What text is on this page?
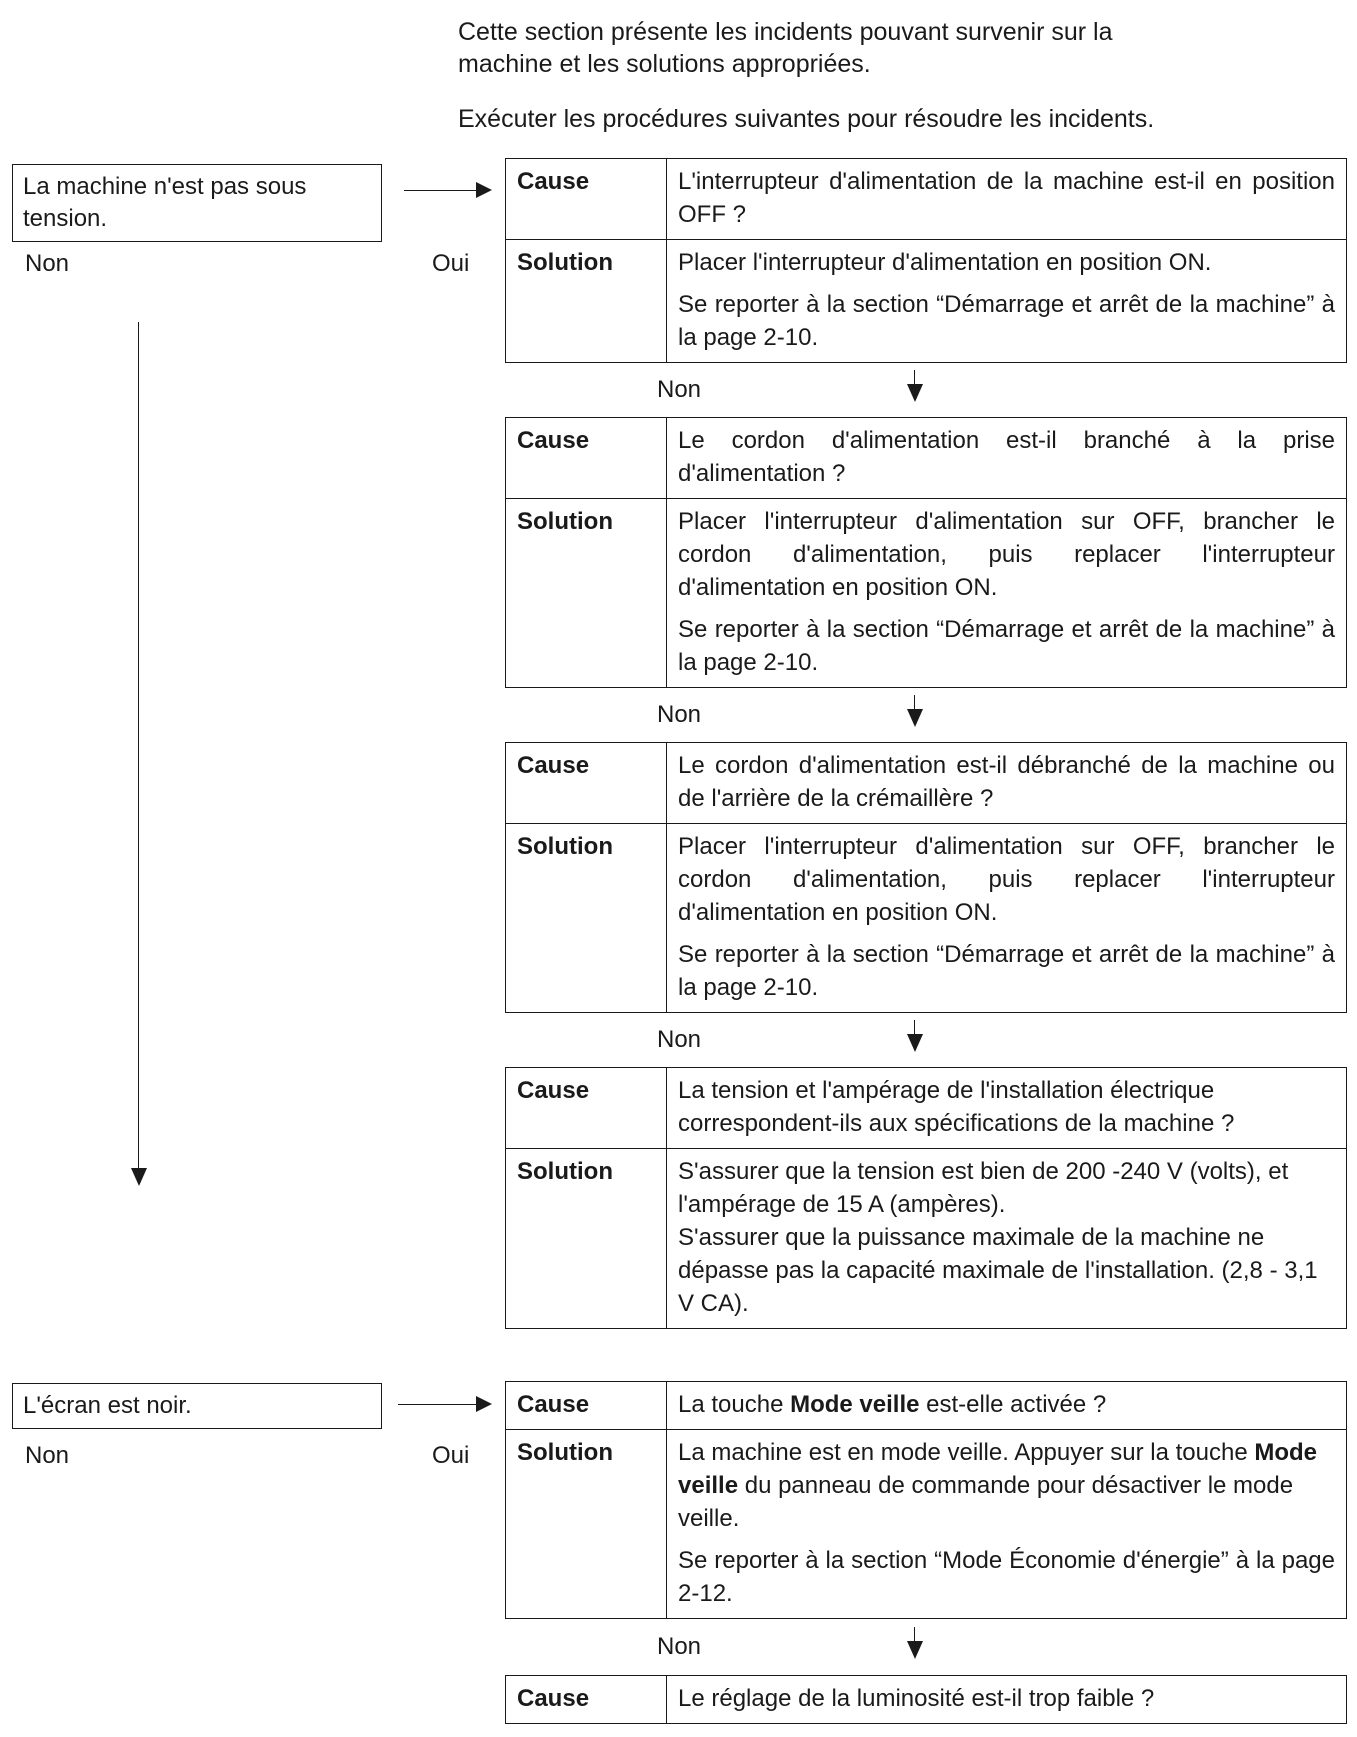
Cette section présente les incidents pouvant survenir sur la
machine et les solutions appropriées.
Exécuter les procédures suivantes pour résoudre les incidents.
La machine n'est pas sous
tension.
Non	Oui
Cause	L'interrupteur d'alimentation de la machine est-il en position OFF ?
Solution	Placer l'interrupteur d'alimentation en position ON.

Se reporter à la section “Démarrage et arrêt de la machine” à la page 2-10.

Non
Cause	Le cordon d'alimentation est-il branché à la prise d'alimentation ?
Solution	Placer l'interrupteur d'alimentation sur OFF, brancher le cordon d'alimentation, puis replacer l'interrupteur d'alimentation en position ON.

Se reporter à la section “Démarrage et arrêt de la machine” à la page 2-10.

Non
Cause	Le cordon d'alimentation est-il débranché de la machine ou de l'arrière de la crémaillère ?
Solution	Placer l'interrupteur d'alimentation sur OFF, brancher le cordon d'alimentation, puis replacer l'interrupteur d'alimentation en position ON.

Se reporter à la section “Démarrage et arrêt de la machine” à la page 2-10.

Non
Cause	La tension et l'ampérage de l'installation électrique correspondent-ils aux spécifications de la machine ?
Solution	S'assurer que la tension est bien de 200 -240 V (volts), et l'ampérage de 15 A (ampères).
S'assurer que la puissance maximale de la machine ne dépasse pas la capacité maximale de l'installation. (2,8 - 3,1 V CA).
L'écran est noir.
Non	Oui
Cause	La touche Mode veille est-elle activée ?
Solution	La machine est en mode veille. Appuyer sur la touche Mode veille du panneau de commande pour désactiver le mode veille.

Se reporter à la section “Mode Économie d'énergie” à la page 2-12.

Non
Cause	Le réglage de la luminosité est-il trop faible ?
